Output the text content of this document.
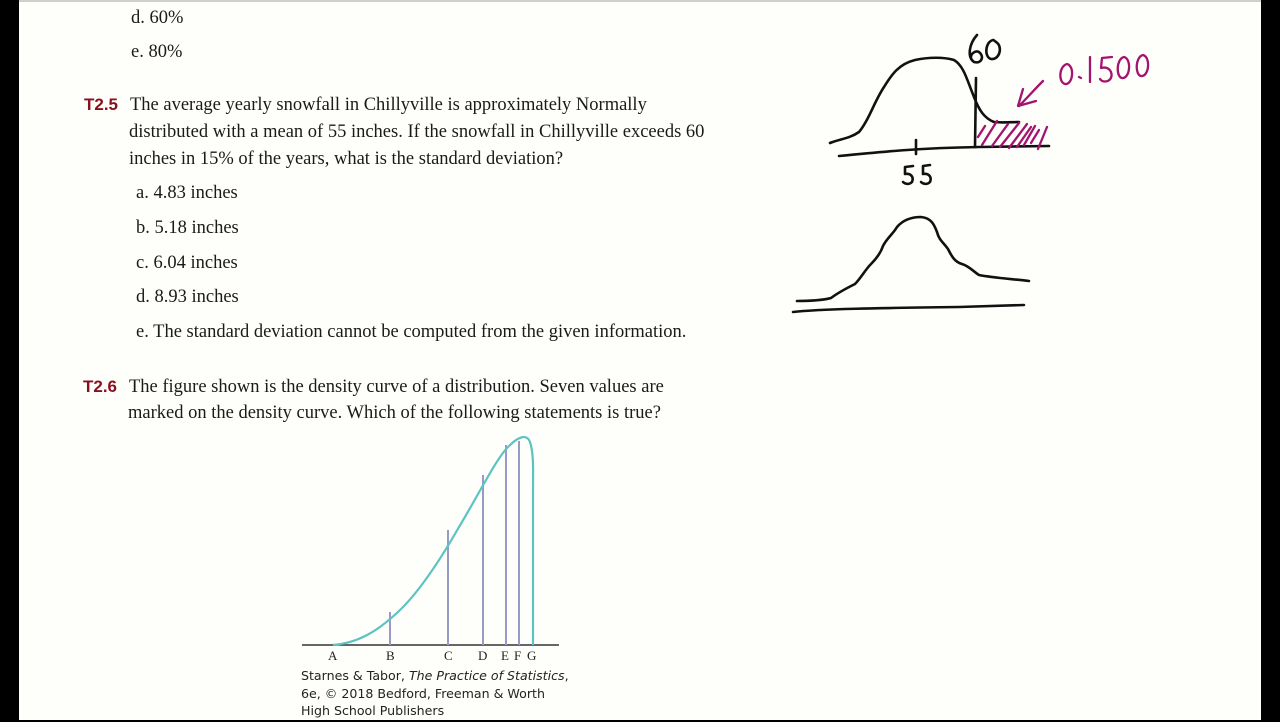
d. 60%
e. 80%
T2.5 The average yearly snowfall in Chillyville is approximately Normally
distributed with a mean of 55 inches. If the snowfall in Chillyville exceeds 60
inches in 15% of the years, what is the standard deviation?
a. 4.83 inches
b. 5.18 inches
c. 6.04 inches
d. 8.93 inches
e. The standard deviation cannot be computed from the given information.
T2.6 The figure shown is the density curve of a distribution. Seven values are
marked on the density curve. Which of the following statements is true?
A	B	C D E F G
Starnes & Tabor, The Practice of Statistics,
6e, © 2018 Bedford, Freeman & Worth
High School Publishers
